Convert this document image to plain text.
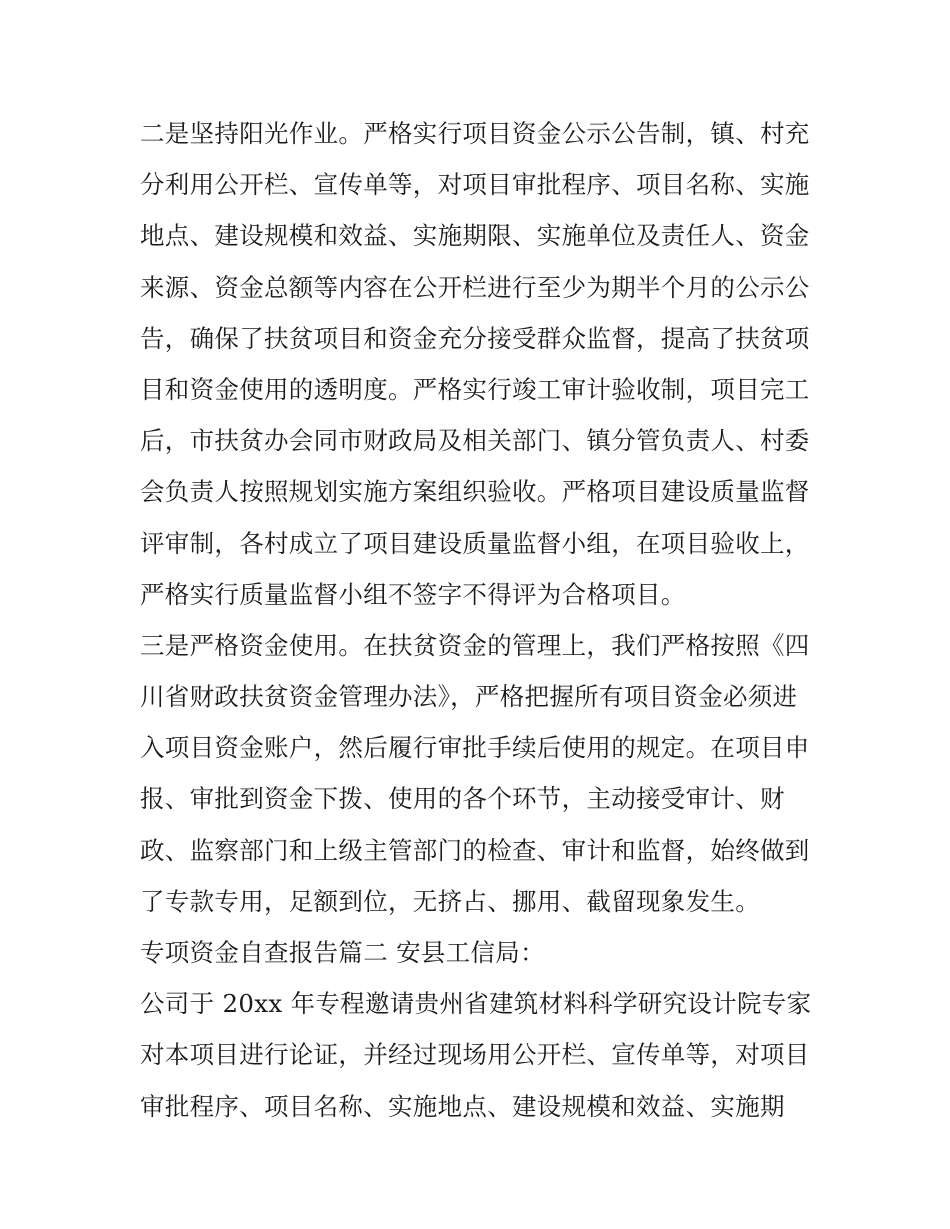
二是坚持阳光作业。严格实行项目资金公示公告制，镇、村充
分利用公开栏、宣传单等，对项目审批程序、项目名称、实施
地点、建设规模和效益、实施期限、实施单位及责任人、资金
来源、资金总额等内容在公开栏进行至少为期半个月的公示公
告，确保了扶贫项目和资金充分接受群众监督，提高了扶贫项
目和资金使用的透明度。严格实行竣工审计验收制，项目完工
后，市扶贫办会同市财政局及相关部门、镇分管负责人、村委
会负责人按照规划实施方案组织验收。严格项目建设质量监督
评审制，各村成立了项目建设质量监督小组，在项目验收上，
严格实行质量监督小组不签字不得评为合格项目。

三是严格资金使用。在扶贫资金的管理上，我们严格按照《四
川省财政扶贫资金管理办法》，严格把握所有项目资金必须进
入项目资金账户，然后履行审批手续后使用的规定。在项目申
报、审批到资金下拨、使用的各个环节，主动接受审计、财
政、监察部门和上级主管部门的检查、审计和监督，始终做到
了专款专用，足额到位，无挤占、挪用、截留现象发生。

专项资金自查报告篇二 安县工信局：

公司于 20xx 年专程邀请贵州省建筑材料科学研究设计院专家
对本项目进行论证，并经过现场用公开栏、宣传单等，对项目
审批程序、项目名称、实施地点、建设规模和效益、实施期
